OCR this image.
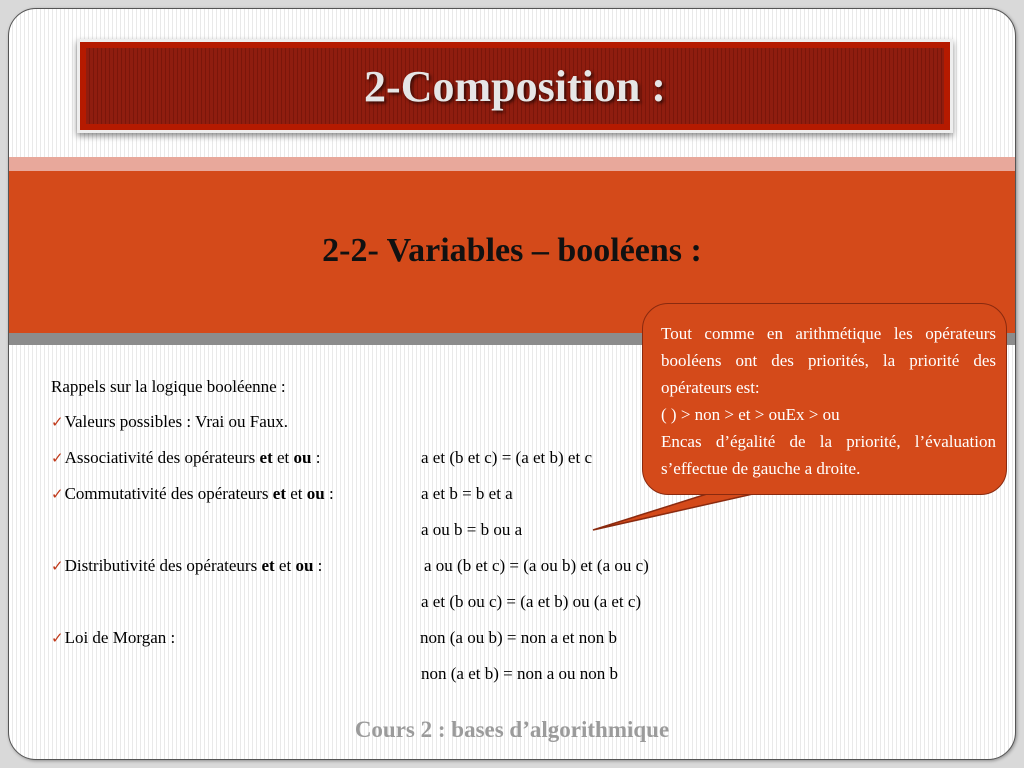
2-Composition :
2-2- Variables – booléens :
Rappels sur la logique booléenne :
✓Valeurs possibles : Vrai ou Faux.
✓Associativité des opérateurs et et ou :	a et (b et c) = (a et b) et c
✓Commutativité des opérateurs et et ou :	a et b = b et a
a ou b = b ou a
✓Distributivité des opérateurs et et ou :	a ou (b et c) = (a ou b) et (a ou c)
a et (b ou c) = (a et b) ou (a et c)
✓Loi de Morgan :	non (a ou b) = non a et non b
non (a et b) = non a ou non b

Tout comme en arithmétique les opérateurs booléens ont des priorités, la priorité des opérateurs est:

( ) > non > et > ouEx > ou

Encas d’égalité de la priorité, l’évaluation s’effectue de gauche a droite.

Cours 2 : bases d’algorithmique
